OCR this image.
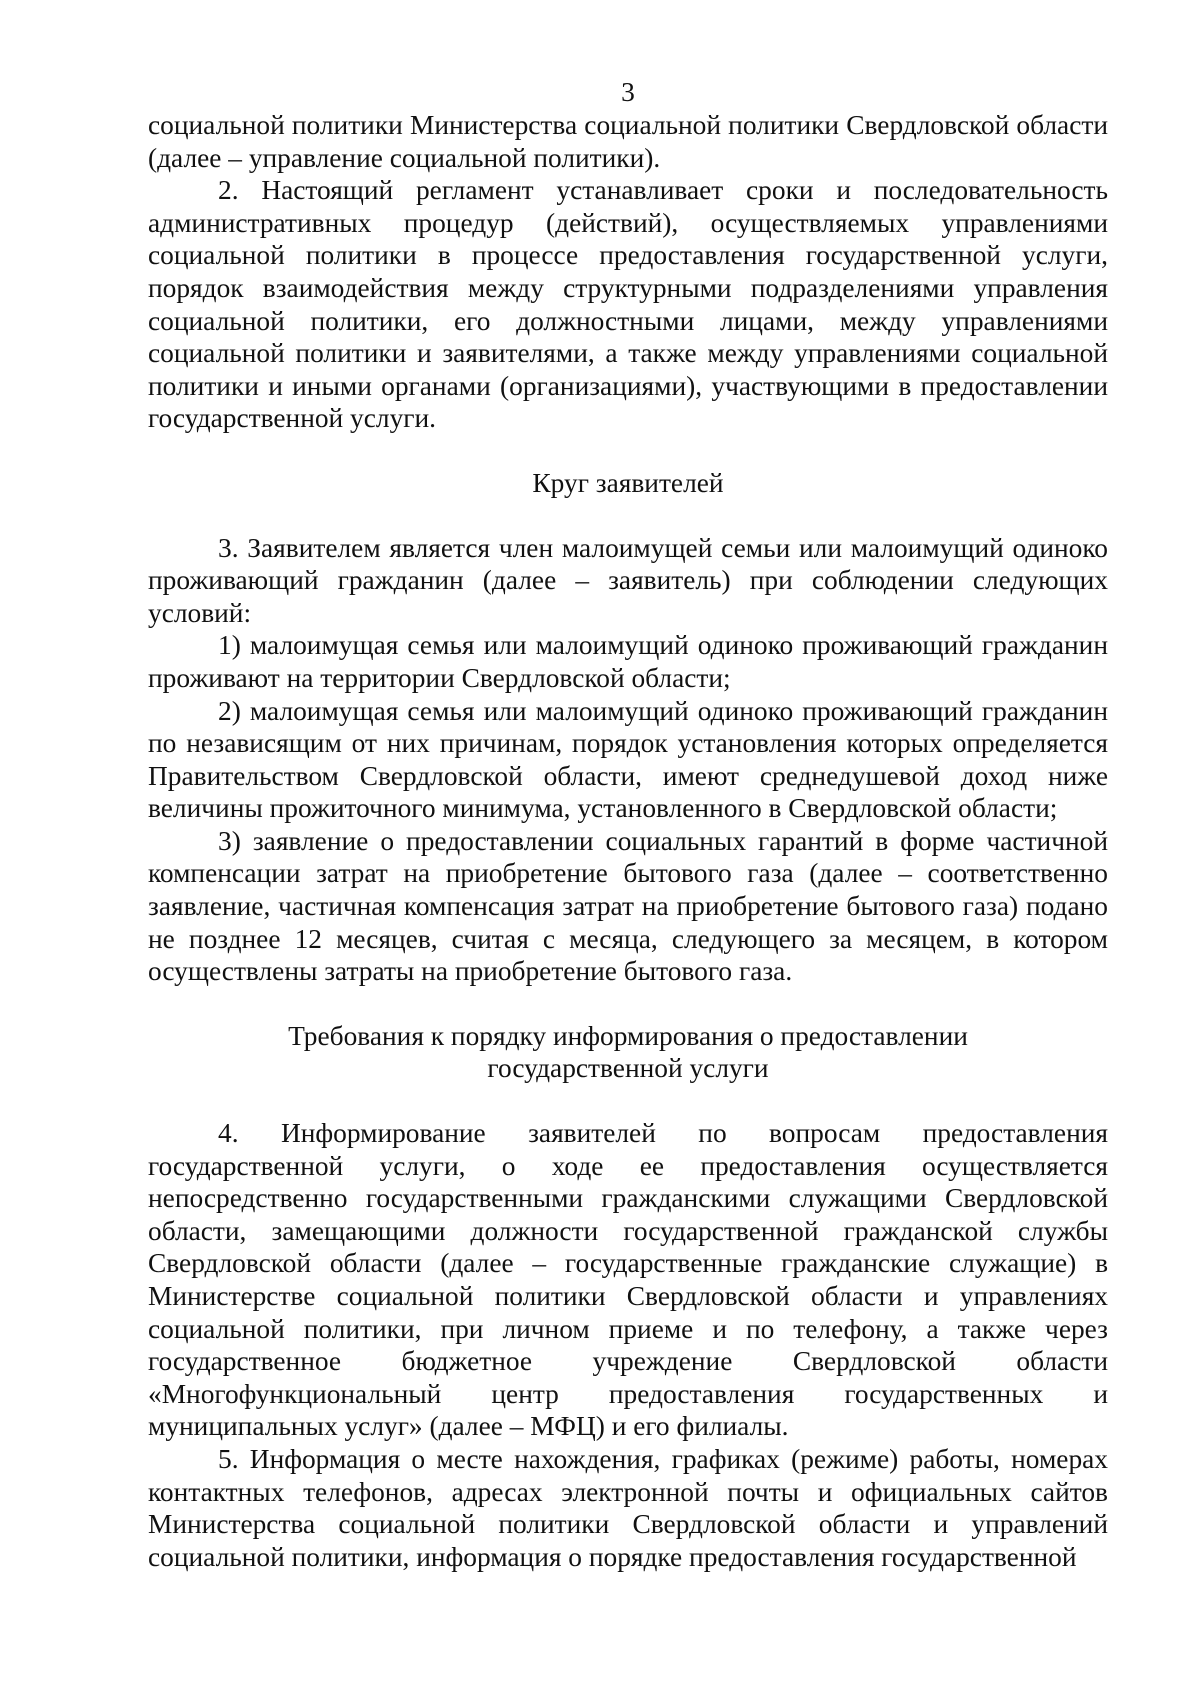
3

социальной политики Министерства социальной политики Свердловской области (далее – управление социальной политики).

2. Настоящий регламент устанавливает сроки и последовательность административных процедур (действий), осуществляемых управлениями социальной политики в процессе предоставления государственной услуги, порядок взаимодействия между структурными подразделениями управления социальной политики, его должностными лицами, между управлениями социальной политики и заявителями, а также между управлениями социальной политики и иными органами (организациями), участвующими в предоставлении государственной услуги.

Круг заявителей

3. Заявителем является член малоимущей семьи или малоимущий одиноко проживающий гражданин (далее – заявитель) при соблюдении следующих условий:

1) малоимущая семья или малоимущий одиноко проживающий гражданин проживают на территории Свердловской области;

2) малоимущая семья или малоимущий одиноко проживающий гражданин по независящим от них причинам, порядок установления которых определяется Правительством Свердловской области, имеют среднедушевой доход ниже величины прожиточного минимума, установленного в Свердловской области;

3) заявление о предоставлении социальных гарантий в форме частичной компенсации затрат на приобретение бытового газа (далее – соответственно заявление, частичная компенсация затрат на приобретение бытового газа) подано не позднее 12 месяцев, считая с месяца, следующего за месяцем, в котором осуществлены затраты на приобретение бытового газа.

Требования к порядку информирования о предоставлении
государственной услуги

4. Информирование заявителей по вопросам предоставления государственной услуги, о ходе ее предоставления осуществляется непосредственно государственными гражданскими служащими Свердловской области, замещающими должности государственной гражданской службы Свердловской области (далее – государственные гражданские служащие) в Министерстве социальной политики Свердловской области и управлениях социальной политики, при личном приеме и по телефону, а также через государственное бюджетное учреждение Свердловской области «Многофункциональный центр предоставления государственных и муниципальных услуг» (далее – МФЦ) и его филиалы.

5. Информация о месте нахождения, графиках (режиме) работы, номерах контактных телефонов, адресах электронной почты и официальных сайтов Министерства социальной политики Свердловской области и управлений социальной политики, информация о порядке предоставления государственной
